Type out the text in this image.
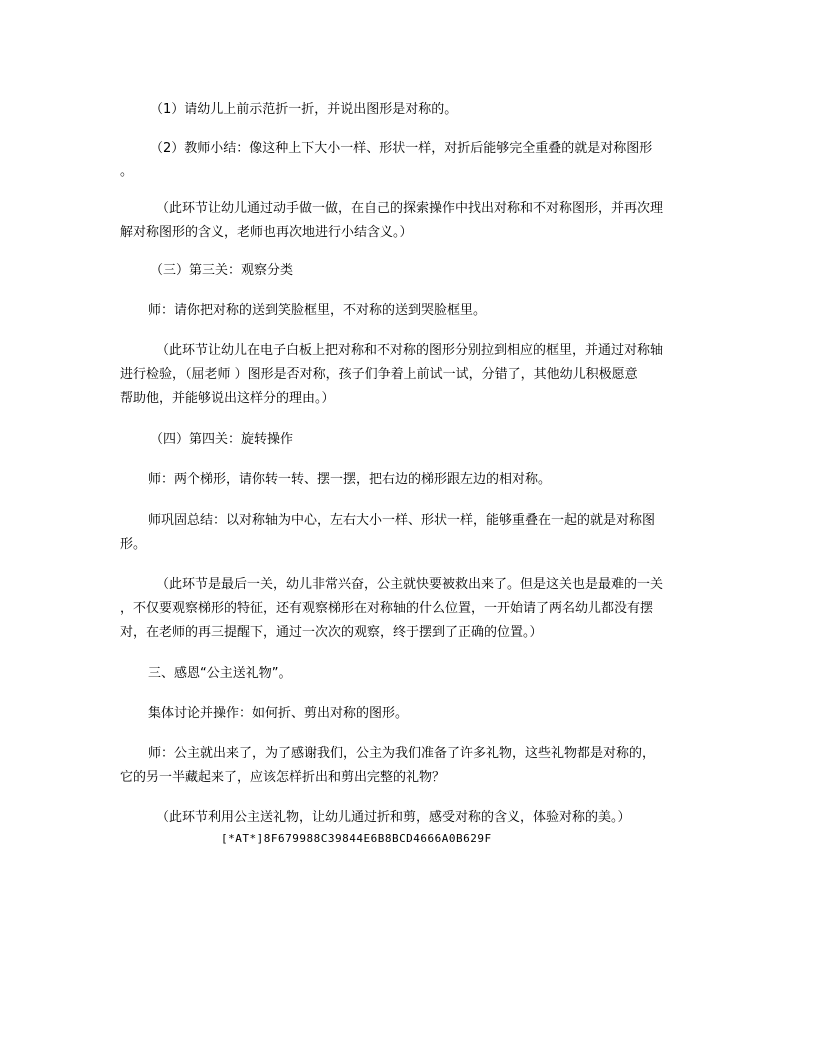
（1）请幼儿上前示范折一折，并说出图形是对称的。
（2）教师小结：像这种上下大小一样、形状一样，对折后能够完全重叠的就是对称图形
。
（此环节让幼儿通过动手做一做，在自己的探索操作中找出对称和不对称图形，并再次理
解对称图形的含义，老师也再次地进行小结含义。）
（三）第三关：观察分类
师：请你把对称的送到笑脸框里，不对称的送到哭脸框里。
（此环节让幼儿在电子白板上把对称和不对称的图形分别拉到相应的框里，并通过对称轴
进行检验，（屈老师 ）图形是否对称，孩子们争着上前试一试，分错了，其他幼儿积极愿意
帮助他，并能够说出这样分的理由。）
（四）第四关：旋转操作
师：两个梯形，请你转一转、摆一摆，把右边的梯形跟左边的相对称。
师巩固总结：以对称轴为中心，左右大小一样、形状一样，能够重叠在一起的就是对称图
形。
（此环节是最后一关，幼儿非常兴奋，公主就快要被救出来了。但是这关也是最难的一关
，不仅要观察梯形的特征，还有观察梯形在对称轴的什么位置，一开始请了两名幼儿都没有摆
对，在老师的再三提醒下，通过一次次的观察，终于摆到了正确的位置。）
三、感恩“公主送礼物”。
集体讨论并操作：如何折、剪出对称的图形。
师：公主就出来了，为了感谢我们，公主为我们准备了许多礼物，这些礼物都是对称的，
它的另一半藏起来了，应该怎样折出和剪出完整的礼物？
（此环节利用公主送礼物，让幼儿通过折和剪，感受对称的含义，体验对称的美。）
[*AT*]8F679988C39844E6B8BCD4666A0B629F
